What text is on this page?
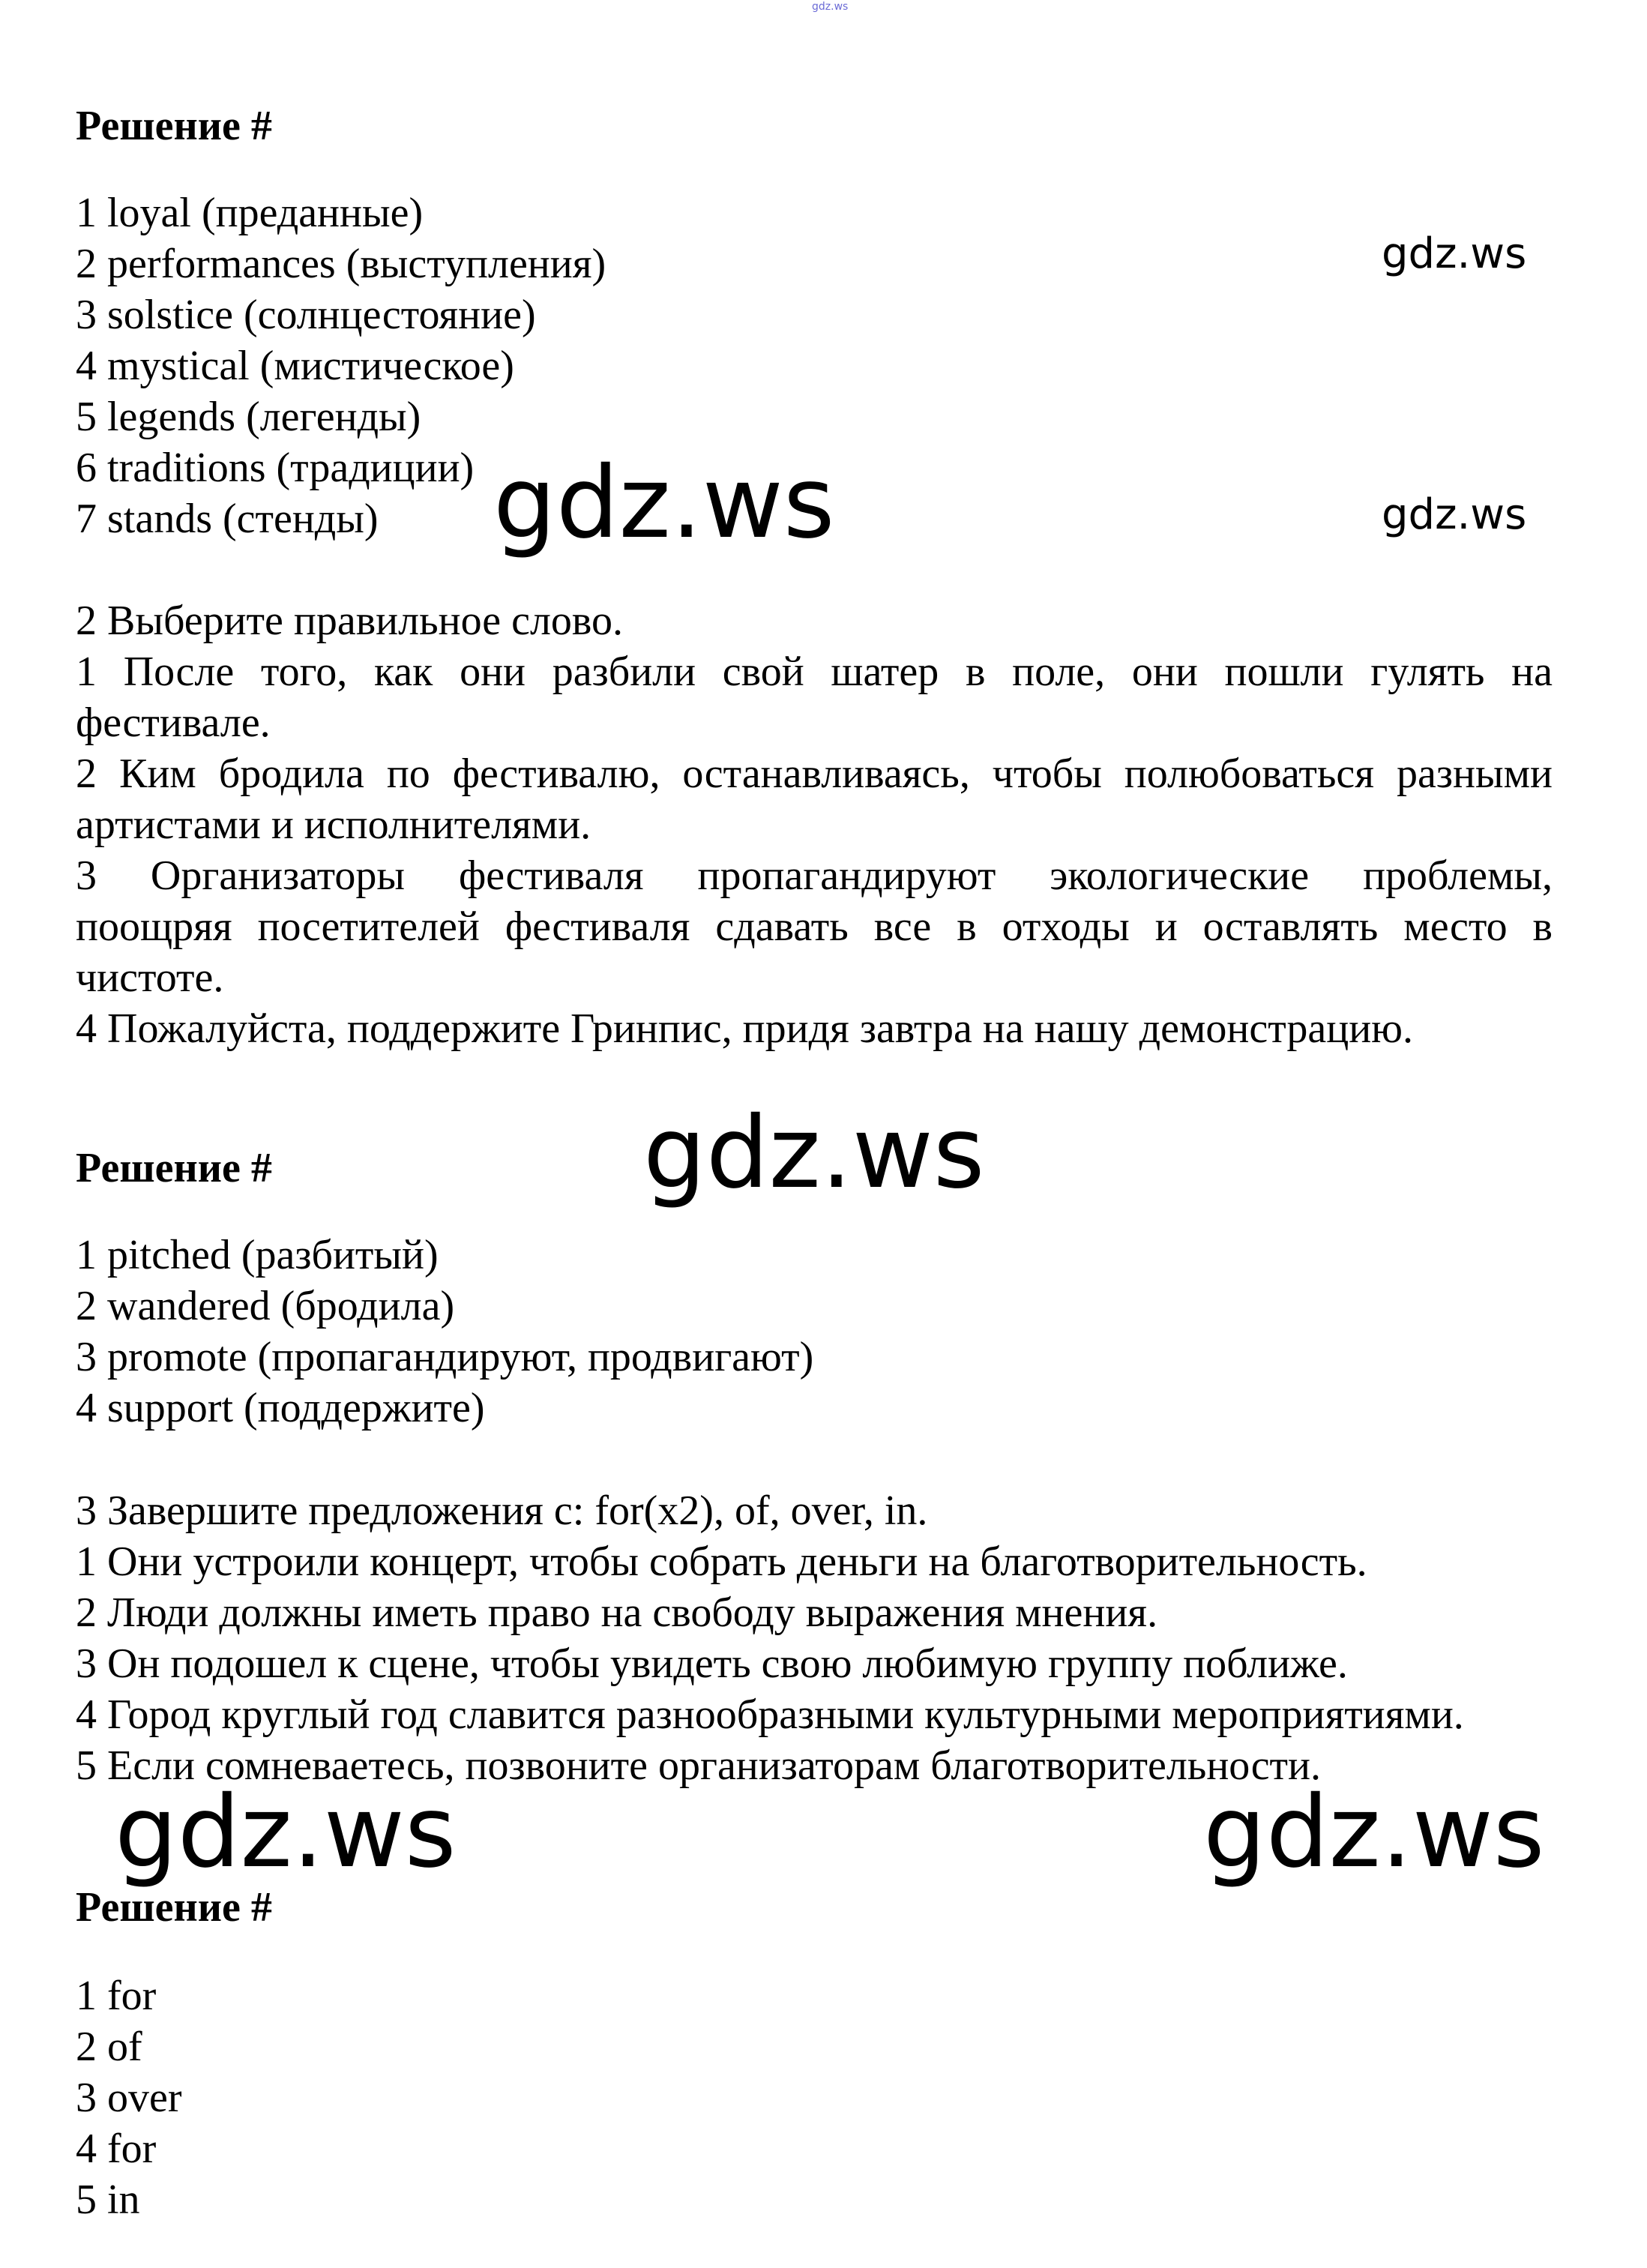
gdz.ws
Решение #
1 loyal (преданные)
2 performances (выступления)
3 solstice (солнцестояние)
4 mystical (мистическое)
5 legends (легенды)
6 traditions (традиции)
7 stands (стенды)
gdz.ws
gdz.ws
gdz.ws
2 Выберите правильное слово.
1 После того, как они разбили свой шатер в поле, они пошли гулять на
фестивале.
2 Ким бродила по фестивалю, останавливаясь, чтобы полюбоваться разными
артистами и исполнителями.
3 Организаторы фестиваля пропагандируют экологические проблемы,
поощряя посетителей фестиваля сдавать все в отходы и оставлять место в
чистоте.
4 Пожалуйста, поддержите Гринпис, придя завтра на нашу демонстрацию.
gdz.ws
Решение #
1 pitched (разбитый)
2 wandered (бродила)
3 promote (пропагандируют, продвигают)
4 support (поддержите)
3 Завершите предложения с: for(x2), of, over, in.
1 Они устроили концерт, чтобы собрать деньги на благотворительность.
2 Люди должны иметь право на свободу выражения мнения.
3 Он подошел к сцене, чтобы увидеть свою любимую группу поближе.
4 Город круглый год славится разнообразными культурными мероприятиями.
5 Если сомневаетесь, позвоните организаторам благотворительности.
gdz.ws	gdz.ws
Решение #
1 for
2 of
3 over
4 for
5 in
